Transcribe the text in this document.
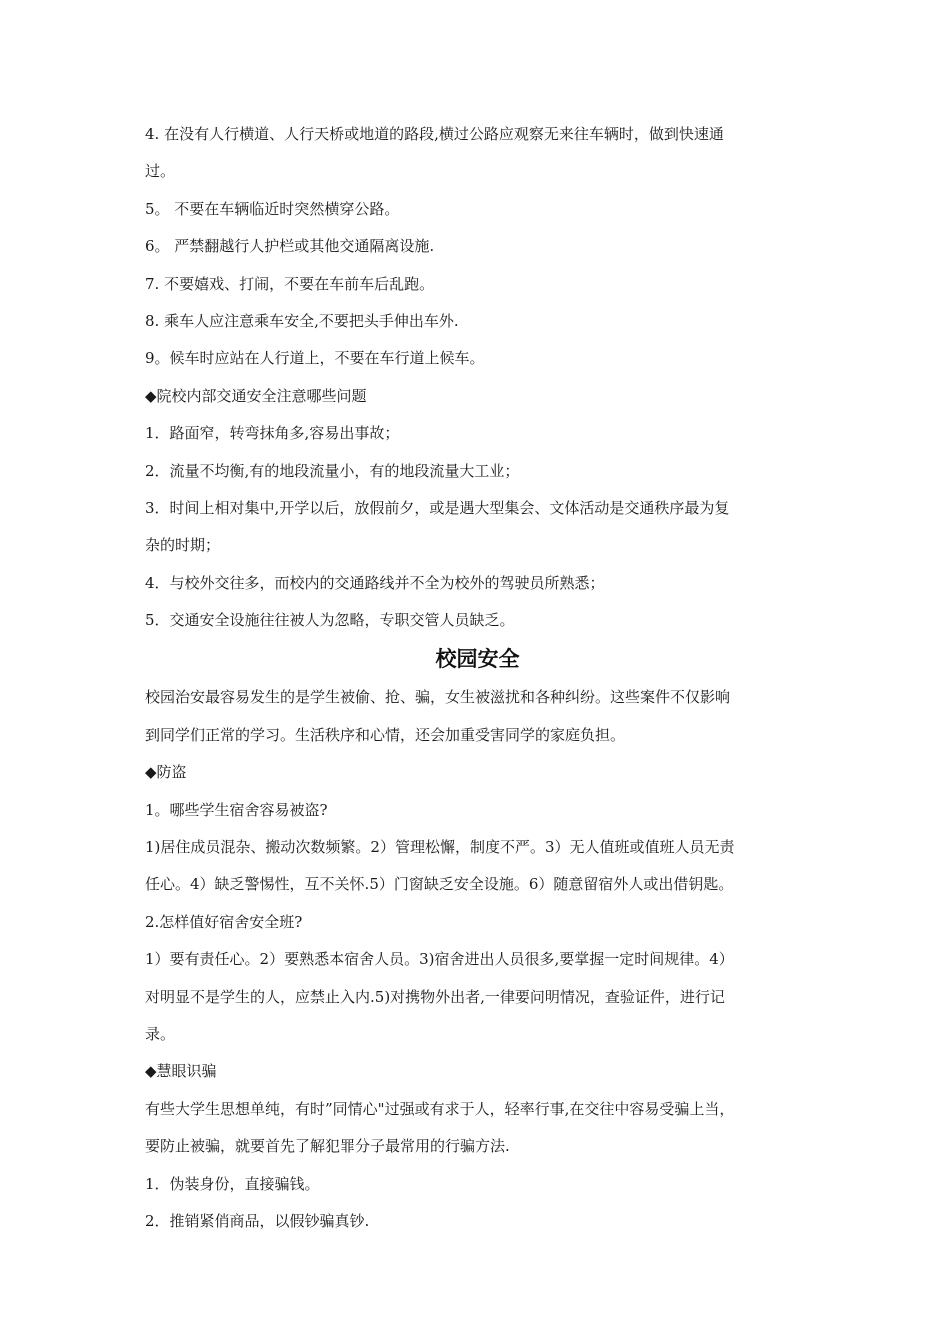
4. 在没有人行横道、人行天桥或地道的路段,横过公路应观察无来往车辆时，做到快速通
过。
5。 不要在车辆临近时突然横穿公路。
6。 严禁翻越行人护栏或其他交通隔离设施.
7. 不要嬉戏、打闹，不要在车前车后乱跑。
8. 乘车人应注意乘车安全,不要把头手伸出车外.
9。候车时应站在人行道上，不要在车行道上候车。
◆院校内部交通安全注意哪些问题
1．路面窄，转弯抹角多,容易出事故；
2．流量不均衡,有的地段流量小，有的地段流量大工业；
3．时间上相对集中,开学以后，放假前夕，或是遇大型集会、文体活动是交通秩序最为复
杂的时期；
4．与校外交往多，而校内的交通路线并不全为校外的驾驶员所熟悉；
5．交通安全设施往往被人为忽略，专职交管人员缺乏。
校园安全
校园治安最容易发生的是学生被偷、抢、骗，女生被滋扰和各种纠纷。这些案件不仅影响
到同学们正常的学习。生活秩序和心情，还会加重受害同学的家庭负担。
◆防盗
1。哪些学生宿舍容易被盗?
1)居住成员混杂、搬动次数频繁。2）管理松懈，制度不严。3）无人值班或值班人员无责
任心。4）缺乏警惕性，互不关怀.5）门窗缺乏安全设施。6）随意留宿外人或出借钥匙。
2.怎样值好宿舍安全班?
1）要有责任心。2）要熟悉本宿舍人员。3)宿舍进出人员很多,要掌握一定时间规律。4）
对明显不是学生的人，应禁止入内.5)对携物外出者,一律要问明情况，查验证件，进行记
录。
◆慧眼识骗
有些大学生思想单纯，有时”同情心"过强或有求于人，轻率行事,在交往中容易受骗上当，
要防止被骗，就要首先了解犯罪分子最常用的行骗方法.
1．伪装身份，直接骗钱。
2．推销紧俏商品，以假钞骗真钞.
